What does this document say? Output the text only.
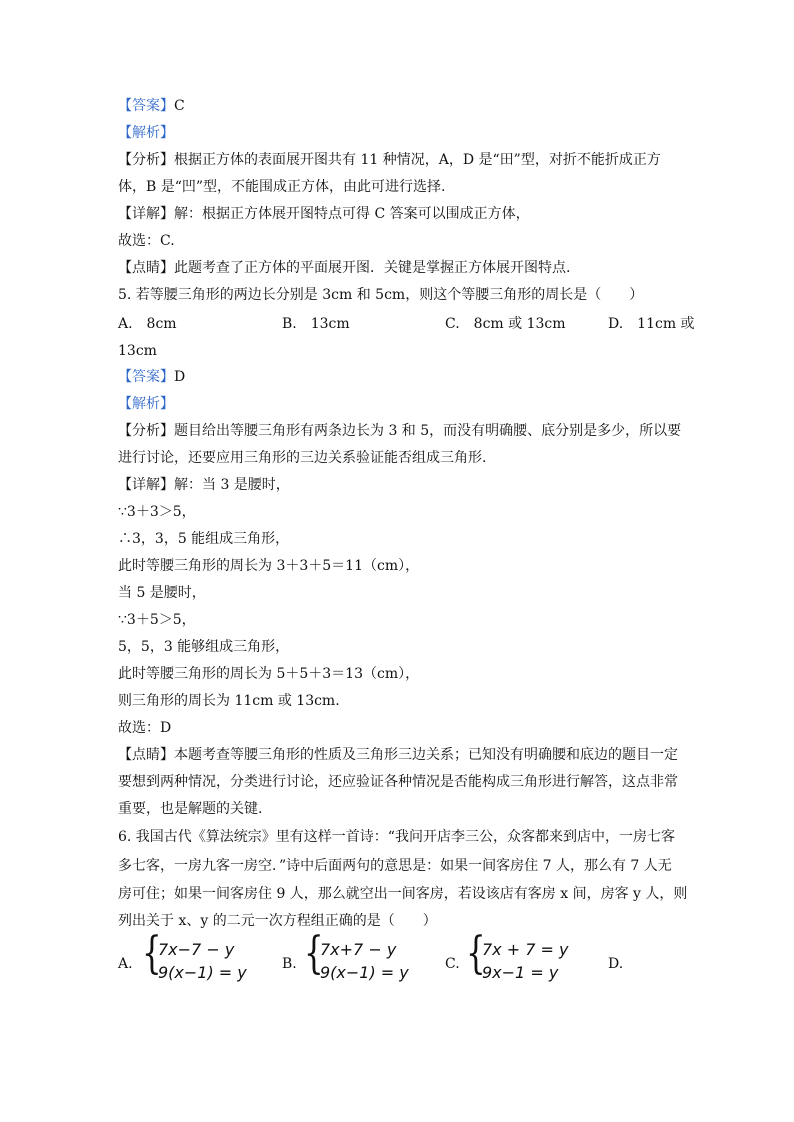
【答案】C
【解析】
【分析】根据正方体的表面展开图共有 11 种情况，A，D 是“田”型，对折不能折成正方
体，B 是“凹”型，不能围成正方体，由此可进行选择.
【详解】解：根据正方体展开图特点可得 C 答案可以围成正方体，
故选：C.
【点睛】此题考查了正方体的平面展开图．关键是掌握正方体展开图特点.
5. 若等腰三角形的两边长分别是 3cm 和 5cm，则这个等腰三角形的周长是（　　）
A.　8cm	B.　13cm	C.　8cm 或 13cm	D.　11cm 或
13cm
【答案】D
【解析】
【分析】题目给出等腰三角形有两条边长为 3 和 5，而没有明确腰、底分别是多少，所以要
进行讨论，还要应用三角形的三边关系验证能否组成三角形.
【详解】解：当 3 是腰时，
∵3＋3＞5，
∴3，3，5 能组成三角形，
此时等腰三角形的周长为 3＋3＋5＝11（cm），
当 5 是腰时，
∵3＋5＞5，
5，5，3 能够组成三角形，
此时等腰三角形的周长为 5＋5＋3＝13（cm），
则三角形的周长为 11cm 或 13cm.
故选：D
【点睛】本题考查等腰三角形的性质及三角形三边关系；已知没有明确腰和底边的题目一定
要想到两种情况，分类进行讨论，还应验证各种情况是否能构成三角形进行解答，这点非常
重要，也是解题的关键.
6. 我国古代《算法统宗》里有这样一首诗：“我问开店李三公，众客都来到店中，一房七客
多七客，一房九客一房空．”诗中后面两句的意思是：如果一间客房住 7 人，那么有 7 人无
房可住；如果一间客房住 9 人，那么就空出一间客房，若设该店有客房 x 间，房客 y 人，则
列出关于 x、y 的二元一次方程组正确的是（　　）
A. {
7x−7 − y
9(x−1) = y	B. {
7x+7 − y
9(x−1) = y	C. {
7x + 7 = y
9x−1 = y	D.
